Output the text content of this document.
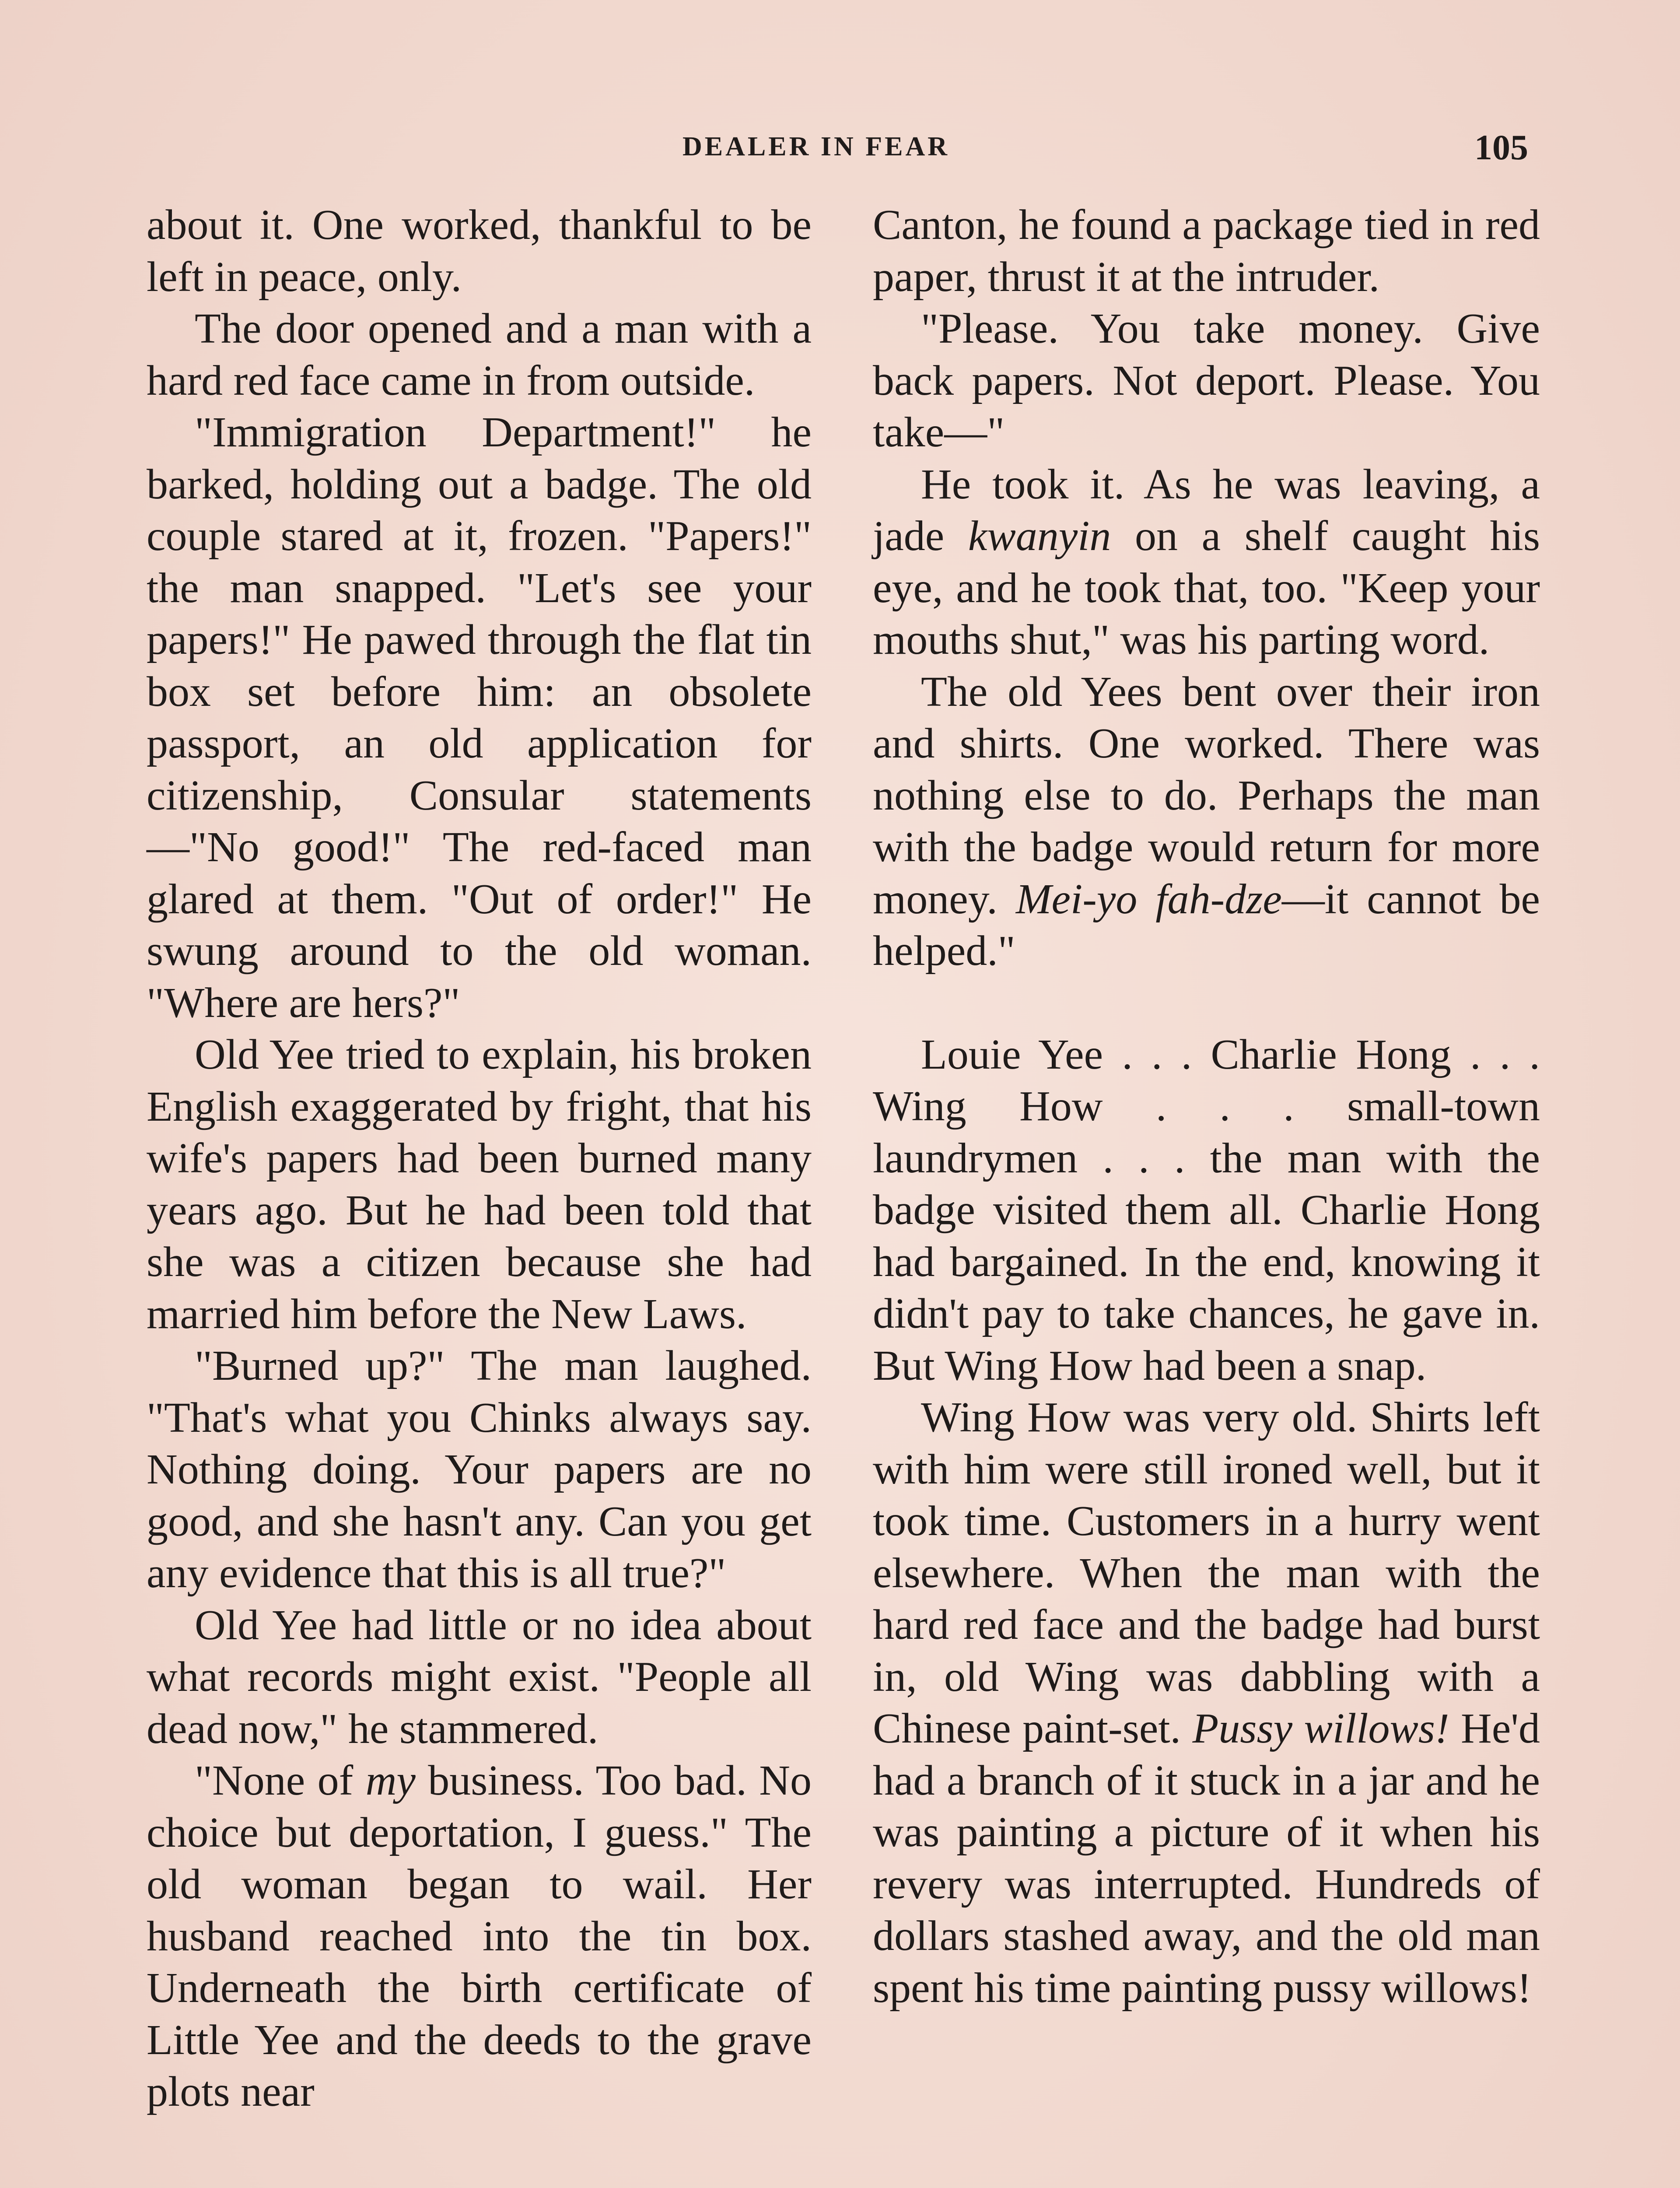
DEALER IN FEAR	105

about it. One worked, thankful to be left in peace, only.

The door opened and a man with a hard red face came in from outside.

"Immigration Department!" he barked, holding out a badge. The old couple stared at it, frozen. "Papers!" the man snapped. "Let's see your papers!" He pawed through the flat tin box set before him: an obsolete passport, an old application for citizenship, Consular statements —"No good!" The red-faced man glared at them. "Out of order!" He swung around to the old woman. "Where are hers?"

Old Yee tried to explain, his broken English exaggerated by fright, that his wife's papers had been burned many years ago. But he had been told that she was a citizen because she had married him before the New Laws.

"Burned up?" The man laughed. "That's what you Chinks always say. Nothing doing. Your papers are no good, and she hasn't any. Can you get any evidence that this is all true?"

Old Yee had little or no idea about what records might exist. "People all dead now," he stammered.

"None of my business. Too bad. No choice but deportation, I guess." The old woman began to wail. Her husband reached into the tin box. Underneath the birth certificate of Little Yee and the deeds to the grave plots near

Canton, he found a package tied in red paper, thrust it at the intruder.

"Please. You take money. Give back papers. Not deport. Please. You take—"

He took it. As he was leaving, a jade kwanyin on a shelf caught his eye, and he took that, too. "Keep your mouths shut," was his parting word.

The old Yees bent over their iron and shirts. One worked. There was nothing else to do. Perhaps the man with the badge would return for more money. Mei-yo fah-dze—it cannot be helped."

Louie Yee . . . Charlie Hong . . . Wing How . . . small-town laundrymen . . . the man with the badge visited them all. Charlie Hong had bargained. In the end, knowing it didn't pay to take chances, he gave in. But Wing How had been a snap.

Wing How was very old. Shirts left with him were still ironed well, but it took time. Customers in a hurry went elsewhere. When the man with the hard red face and the badge had burst in, old Wing was dabbling with a Chinese paint-set. Pussy willows! He'd had a branch of it stuck in a jar and he was painting a picture of it when his revery was interrupted. Hundreds of dollars stashed away, and the old man spent his time painting pussy willows!
